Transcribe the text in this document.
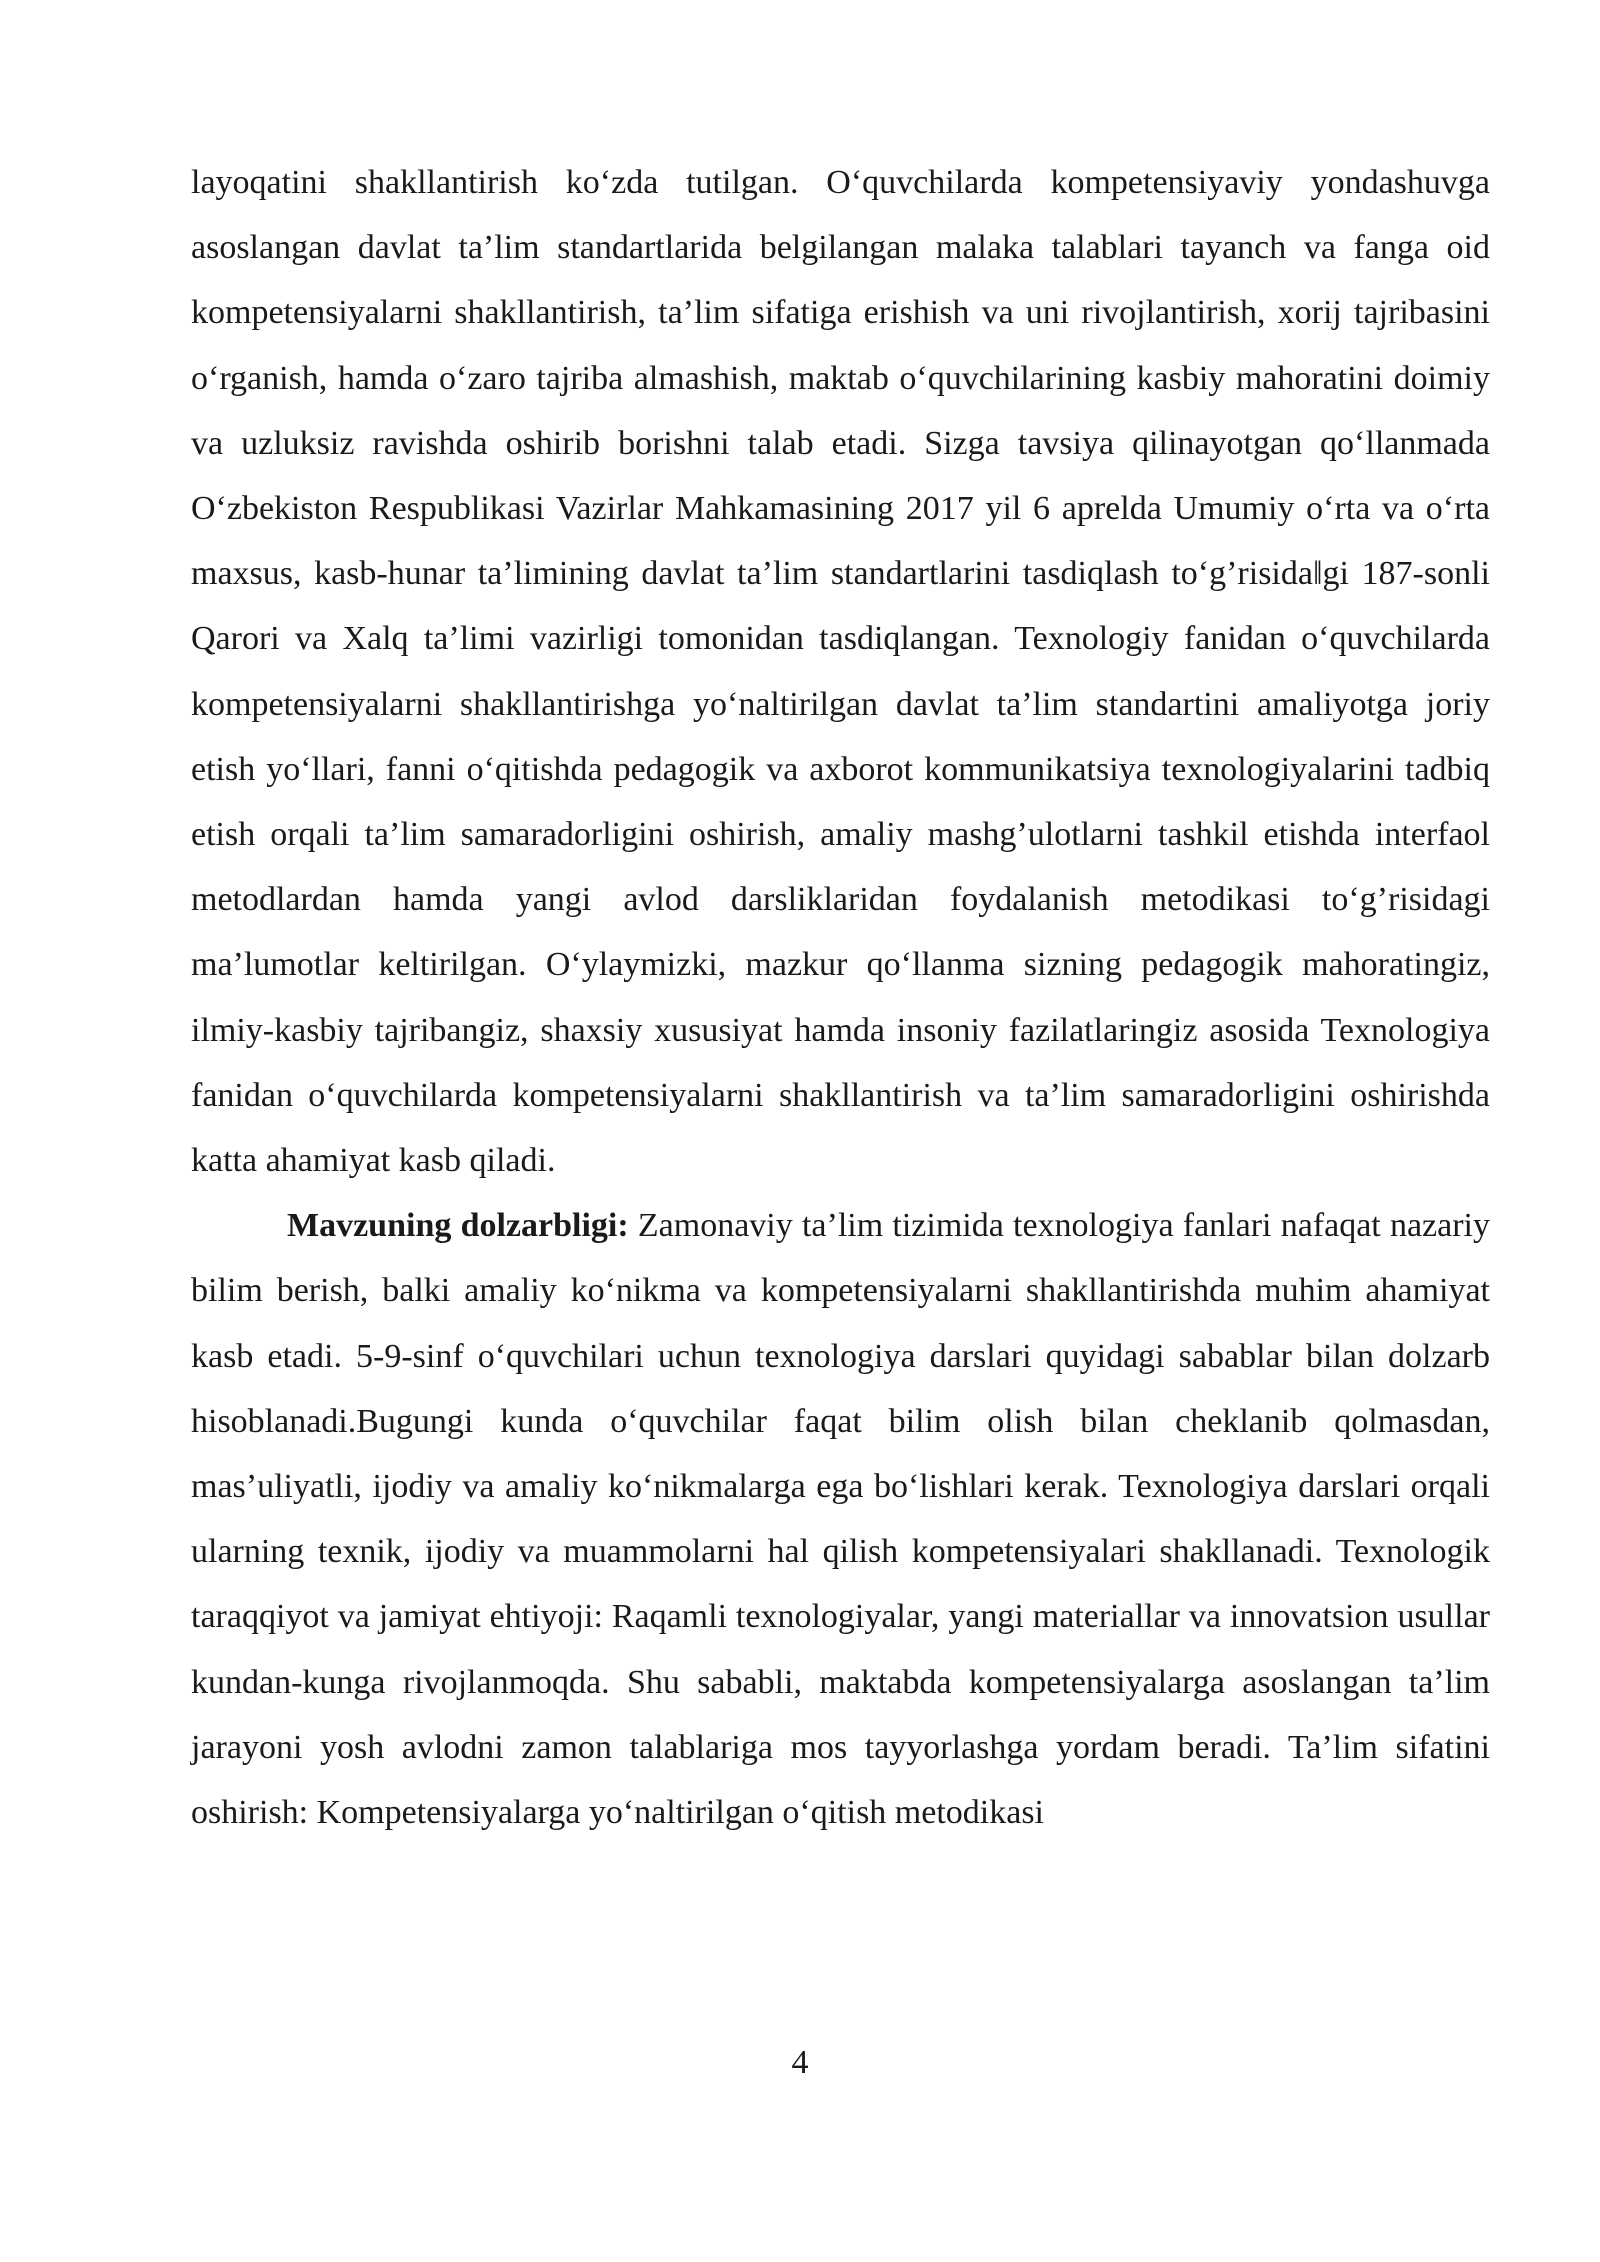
layoqatini shakllantirish ko‘zda tutilgan. O‘quvchilarda kompetensiyaviy yondashuvga asoslangan davlat ta’lim standartlarida belgilangan malaka talablari tayanch va fanga oid kompetensiyalarni shakllantirish, ta’lim sifatiga erishish va uni rivojlantirish, xorij tajribasini o‘rganish, hamda o‘zaro tajriba almashish, maktab o‘quvchilarining kasbiy mahoratini doimiy va uzluksiz ravishda oshirib borishni talab etadi. Sizga tavsiya qilinayotgan qo‘llanmada O‘zbekiston Respublikasi Vazirlar Mahkamasining 2017 yil 6 aprelda Umumiy o‘rta va o‘rta maxsus, kasb-hunar ta’limining davlat ta’lim standartlarini tasdiqlash to‘g’risida‖gi 187-sonli Qarori va Xalq ta’limi vazirligi tomonidan tasdiqlangan. Texnologiy fanidan o‘quvchilarda kompetensiyalarni shakllantirishga yo‘naltirilgan davlat ta’lim standartini amaliyotga joriy etish yo‘llari, fanni o‘qitishda pedagogik va axborot kommunikatsiya texnologiyalarini tadbiq etish orqali ta’lim samaradorligini oshirish, amaliy mashg’ulotlarni tashkil etishda interfaol metodlardan hamda yangi avlod darsliklaridan foydalanish metodikasi to‘g’risidagi ma’lumotlar keltirilgan. O‘ylaymizki, mazkur qo‘llanma sizning pedagogik mahoratingiz, ilmiy-kasbiy tajribangiz, shaxsiy xususiyat hamda insoniy fazilatlaringiz asosida Texnologiya fanidan o‘quvchilarda kompetensiyalarni shakllantirish va ta’lim samaradorligini oshirishda katta ahamiyat kasb qiladi.

Mavzuning dolzarbligi: Zamonaviy ta’lim tizimida texnologiya fanlari nafaqat nazariy bilim berish, balki amaliy ko‘nikma va kompetensiyalarni shakllantirishda muhim ahamiyat kasb etadi. 5-9-sinf o‘quvchilari uchun texnologiya darslari quyidagi sabablar bilan dolzarb hisoblanadi.Bugungi kunda o‘quvchilar faqat bilim olish bilan cheklanib qolmasdan, mas’uliyatli, ijodiy va amaliy ko‘nikmalarga ega bo‘lishlari kerak. Texnologiya darslari orqali ularning texnik, ijodiy va muammolarni hal qilish kompetensiyalari shakllanadi. Texnologik taraqqiyot va jamiyat ehtiyoji: Raqamli texnologiyalar, yangi materiallar va innovatsion usullar kundan-kunga rivojlanmoqda. Shu sababli, maktabda kompetensiyalarga asoslangan ta’lim jarayoni yosh avlodni zamon talablariga mos tayyorlashga yordam beradi. Ta’lim sifatini oshirish: Kompetensiyalarga yo‘naltirilgan o‘qitish metodikasi

4
